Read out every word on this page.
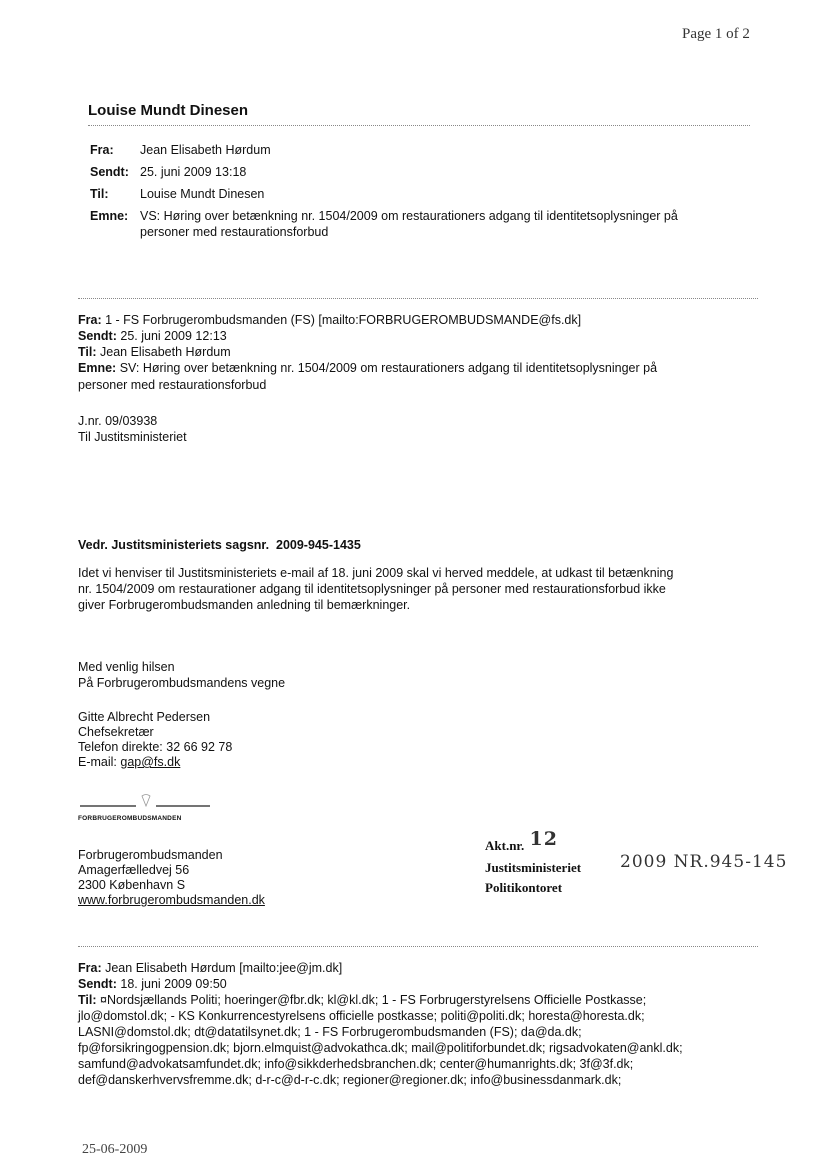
Page 1 of 2
Louise Mundt Dinesen
Fra: Jean Elisabeth Hørdum
Sendt: 25. juni 2009 13:18
Til:	Louise Mundt Dinesen
Emne: VS: Høring over betænkning nr. 1504/2009 om restaurationers adgang til identitetsoplysninger på
personer med restaurationsforbud
Fra: 1 - FS Forbrugerombudsmanden (FS) [mailto:FORBRUGEROMBUDSMANDE@fs.dk]
Sendt: 25. juni 2009 12:13
Til: Jean Elisabeth Hørdum
Emne: SV: Høring over betænkning nr. 1504/2009 om restaurationers adgang til identitetsoplysninger på
personer med restaurationsforbud
J.nr. 09/03938
Til Justitsministeriet
Vedr. Justitsministeriets sagsnr.  2009-945-1435
Idet vi henviser til Justitsministeriets e-mail af 18. juni 2009 skal vi herved meddele, at udkast til betænkning
nr. 1504/2009 om restaurationer adgang til identitetsoplysninger på personer med restaurationsforbud ikke
giver Forbrugerombudsmanden anledning til bemærkninger.
Med venlig hilsen
På Forbrugerombudsmandens vegne
Gitte Albrecht Pedersen
Chefsekretær
Telefon direkte: 32 66 92 78
E-mail: gap@fs.dk
FORBRUGEROMBUDSMANDEN
Forbrugerombudsmanden
Amagerfælledvej 56
2300 København S
www.forbrugerombudsmanden.dk
Akt.nr. 12
Justitsministeriet 2009 NR.945-145
Politikontoret
Fra: Jean Elisabeth Hørdum [mailto:jee@jm.dk]
Sendt: 18. juni 2009 09:50
Til: ¤Nordsjællands Politi; hoeringer@fbr.dk; kl@kl.dk; 1 - FS Forbrugerstyrelsens Officielle Postkasse;
jlo@domstol.dk; - KS Konkurrencestyrelsens officielle postkasse; politi@politi.dk; horesta@horesta.dk;
LASNI@domstol.dk; dt@datatilsynet.dk; 1 - FS Forbrugerombudsmanden (FS); da@da.dk;
fp@forsikringogpension.dk; bjorn.elmquist@advokathca.dk; mail@politiforbundet.dk; rigsadvokaten@ankl.dk;
samfund@advokatsamfundet.dk; info@sikkderhedsbranchen.dk; center@humanrights.dk; 3f@3f.dk;
def@danskerhvervsfremme.dk; d-r-c@d-r-c.dk; regioner@regioner.dk; info@businessdanmark.dk;
25-06-2009
